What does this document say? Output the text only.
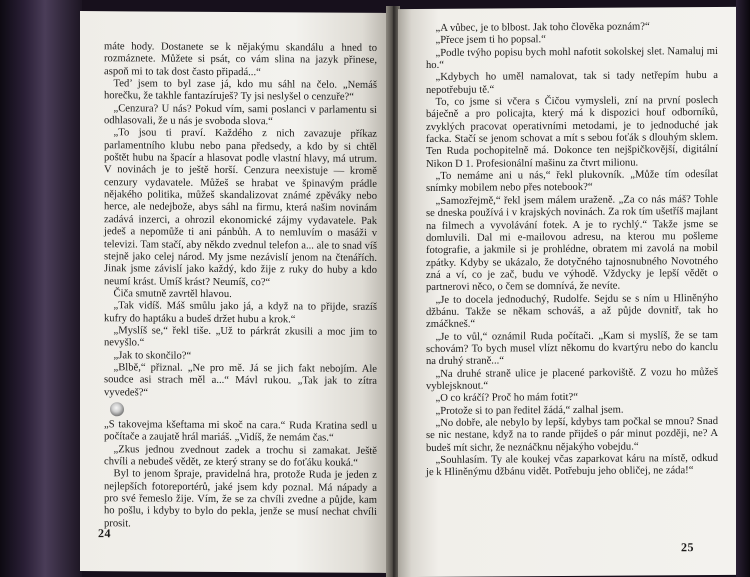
máte hody. Dostanete se k nějakýmu skandálu a hned to rozmáznete. Můžete si psát, co vám slina na jazyk přinese, aspoň mi to tak dost často připadá...“

Ted’ jsem to byl zase já, kdo mu sáhl na čelo. „Nemáš horečku, že takhle fantazíruješ? Ty jsi neslyšel o cenzuře?“

„Cenzura? U nás? Pokud vím, sami poslanci v parlamentu si odhlasovali, že u nás je svoboda slova.“

„To jsou ti praví. Každého z nich zavazuje příkaz parlamentního klubu nebo pana předsedy, a kdo by si chtěl poštět hubu na špacír a hlasovat podle vlastní hlavy, má utrum. V novinách je to ještě horší. Cenzura neexistuje — kromě cenzury vydavatele. Můžeš se hrabat ve špinavým prádle nějakého politika, můžeš skandalizovat známé zpěváky nebo herce, ale nedejbože, abys sáhl na firmu, která našim novinám zadává inzerci, a ohrozil ekonomické zájmy vydavatele. Pak jedeš a nepomůže ti ani pánbůh. A to nemluvím o masáži v televizi. Tam stačí, aby někdo zvednul telefon a... ale to snad víš stejně jako celej národ. My jsme nezávislí jenom na čtenářích. Jinak jsme závislí jako každý, kdo žije z ruky do huby a kdo neumí krást. Umíš krást? Neumíš, co?“

Čiča smutně zavrtěl hlavou.

„Tak vidíš. Máš smůlu jako já, a když na to přijde, srazíš kufry do haptáku a budeš držet hubu a krok.“

„Myslíš se,“ řekl tiše. „Už to párkrát zkusili a moc jim to nevyšlo.“

„Jak to skončilo?“

„Blbě,“ přiznal. „Ne pro mě. Já se jich fakt nebojím. Ale soudce asi strach měl a...“ Mávl rukou. „Tak jak to zítra vyvedeš?“

„S takovejma kšeftama mi skoč na cara.“ Ruda Kratina sedl u počítače a zaujatě hrál mariáš. „Vidíš, že nemám čas.“

„Zkus jednou zvednout zadek a trochu si zamakat. Ještě chvíli a nebudeš vědět, ze který strany se do foťáku kouká.“

Byl to jenom špraje, pravidelná hra, protože Ruda je jeden z nejlepších fotoreportérů, jaké jsem kdy poznal. Má nápady a pro své řemeslo žije. Vím, že se za chvíli zvedne a půjde, kam ho pošlu, i kdyby to bylo do pekla, jenže se musí nechat chvíli prosit.

24

„A vůbec, je to blbost. Jak toho člověka poznám?“

„Přece jsem ti ho popsal.“

„Podle tvýho popisu bych mohl nafotit sokolskej slet. Namaluj mi ho.“

„Kdybych ho uměl namalovat, tak si tady netřepím hubu a nepotřebuju tě.“

To, co jsme si včera s Čičou vymysleli, zní na první poslech báječně a pro policajta, který má k dispozici houf odborníků, zvyklých pracovat operativními metodami, je to jednoduché jak facka. Stačí se jenom schovat a mít s sebou foťák s dlouhým sklem. Ten Ruda pochopitelně má. Dokonce ten nejšpičkovější, digitální Nikon D 1. Profesionální mašinu za čtvrt milionu.

„To nemáme ani u nás,“ řekl plukovník. „Může tím odesílat snímky mobilem nebo přes notebook?“

„Samozřejmě,“ řekl jsem málem uraženě. „Za co nás máš? Tohle se dneska používá i v krajských novinách. Za rok tím ušetříš majlant na filmech a vyvolávání fotek. A je to rychlý.“ Takže jsme se domluvili. Dal mi e-mailovou adresu, na kterou mu pošleme fotografie, a jakmile si je prohlédne, obratem mi zavolá na mobil zpátky. Kdyby se ukázalo, že dotyčného tajnosnubného Novotného zná a ví, co je zač, budu ve výhodě. Vždycky je lepší vědět o partnerovi něco, o čem se domnívá, že nevíte.

„Je to docela jednoduchý, Rudolfe. Sejdu se s ním u Hliněnýho džbánu. Takže se někam schováš, a až půjde dovnitř, tak ho zmáčkneš.“

„Je to vůl,“ oznámil Ruda počítači. „Kam si myslíš, že se tam schovám? To bych musel vlízt někomu do kvartýru nebo do kanclu na druhý straně...“

„Na druhé straně ulice je placené parkoviště. Z vozu ho můžeš vyblejsknout.“

„O co kráčí? Proč ho mám fotit?“

„Protože si to pan ředitel žádá,“ zalhal jsem.

„No dobře, ale nebylo by lepší, kdybys tam počkal se mnou? Snad se nic nestane, když na to rande přijdeš o pár minut později, ne? A budeš mít sichr, že neznáčknu nějakýho vobejdu.“

„Souhlasím. Ty ale koukej včas zaparkovat káru na místě, odkud je k Hliněnýmu džbánu vidět. Potřebuju jeho obličej, ne záda!“

25
